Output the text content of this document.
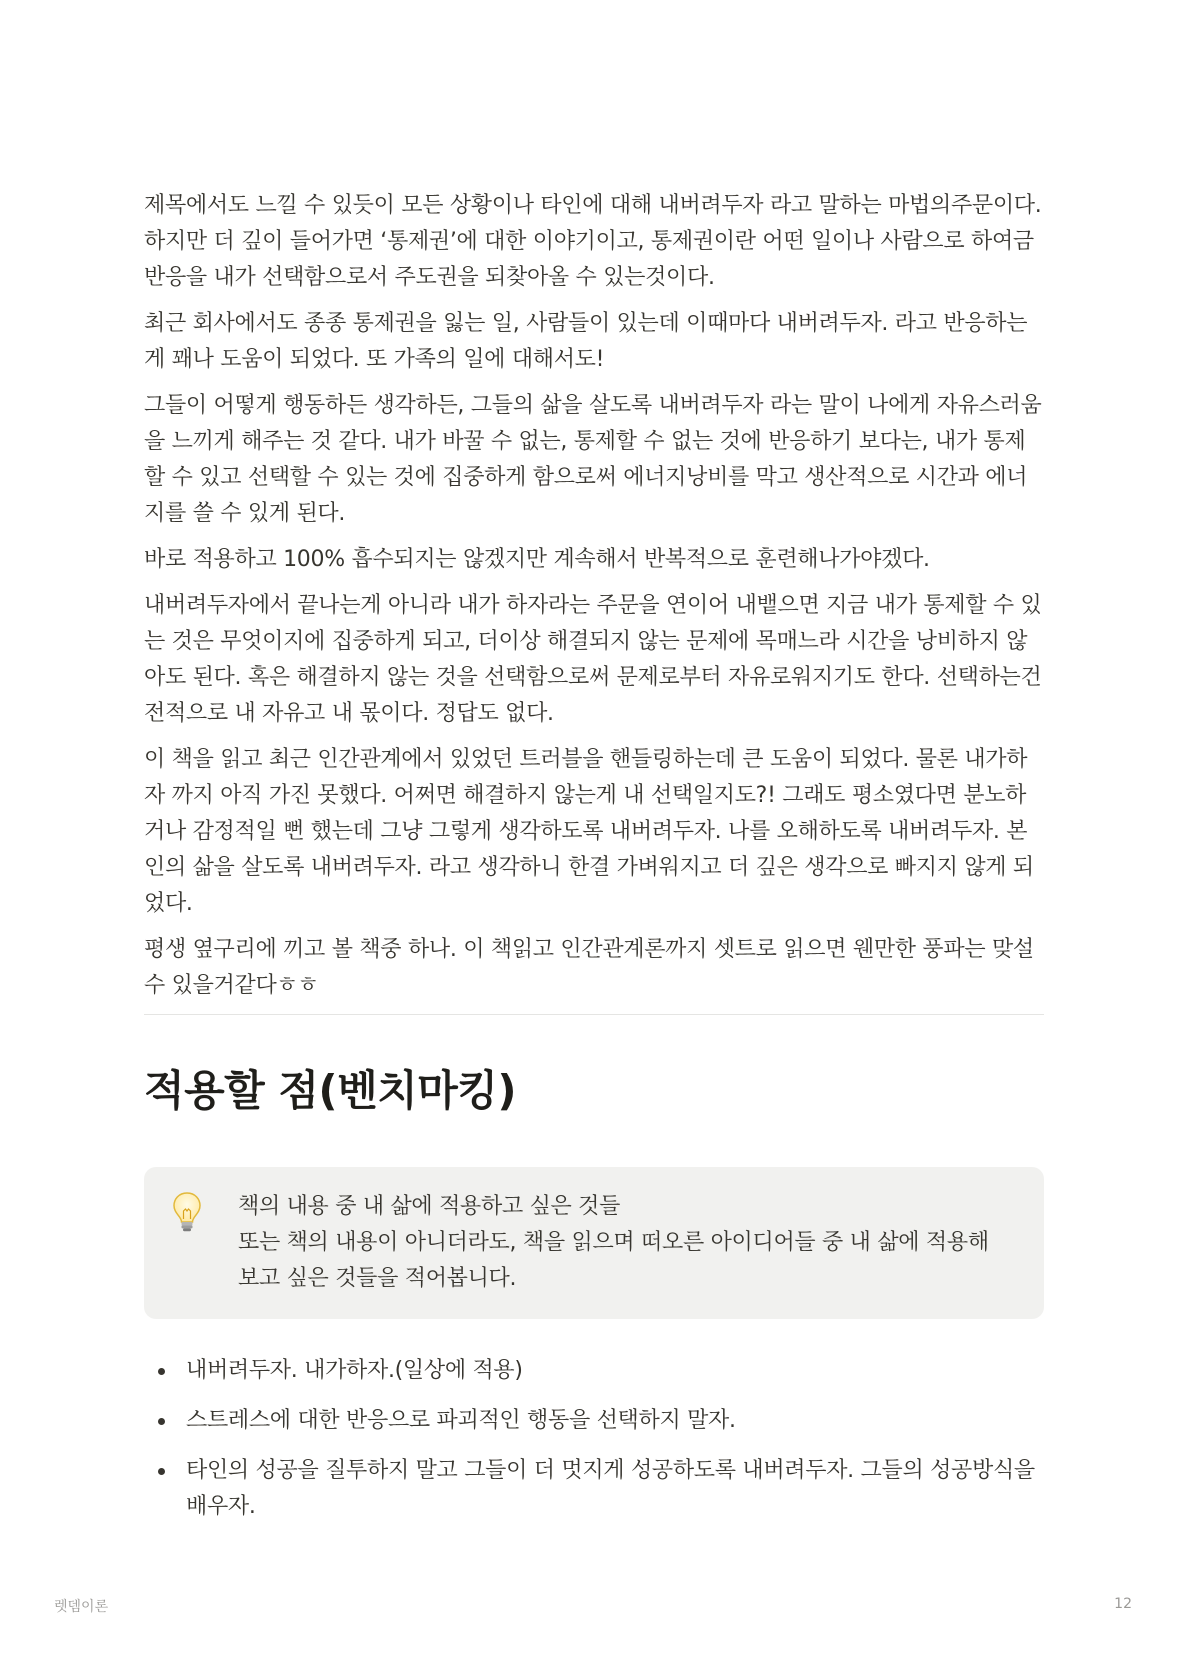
제목에서도 느낄 수 있듯이 모든 상황이나 타인에 대해 내버려두자 라고 말하는 마법의주문이다. 하지만 더 깊이 들어가면 ‘통제권’에 대한 이야기이고, 통제권이란 어떤 일이나 사람으로 하여금 반응을 내가 선택함으로서 주도권을 되찾아올 수 있는것이다.

최근 회사에서도 종종 통제권을 잃는 일, 사람들이 있는데 이때마다 내버려두자. 라고 반응하는게 꽤나 도움이 되었다. 또 가족의 일에 대해서도!

그들이 어떻게 행동하든 생각하든, 그들의 삶을 살도록 내버려두자 라는 말이 나에게 자유스러움을 느끼게 해주는 것 같다. 내가 바꿀 수 없는, 통제할 수 없는 것에 반응하기 보다는, 내가 통제할 수 있고 선택할 수 있는 것에 집중하게 함으로써 에너지낭비를 막고 생산적으로 시간과 에너지를 쓸 수 있게 된다.

바로 적용하고 100% 흡수되지는 않겠지만 계속해서 반복적으로 훈련해나가야겠다.

내버려두자에서 끝나는게 아니라 내가 하자라는 주문을 연이어 내뱉으면 지금 내가 통제할 수 있는 것은 무엇이지에 집중하게 되고, 더이상 해결되지 않는 문제에 목매느라 시간을 낭비하지 않아도 된다. 혹은 해결하지 않는 것을 선택함으로써 문제로부터 자유로워지기도 한다. 선택하는건 전적으로 내 자유고 내 몫이다. 정답도 없다.

이 책을 읽고 최근 인간관계에서 있었던 트러블을 핸들링하는데 큰 도움이 되었다. 물론 내가하자 까지 아직 가진 못했다. 어쩌면 해결하지 않는게 내 선택일지도?! 그래도 평소였다면 분노하거나 감정적일 뻔 했는데 그냥 그렇게 생각하도록 내버려두자. 나를 오해하도록 내버려두자. 본인의 삶을 살도록 내버려두자. 라고 생각하니 한결 가벼워지고 더 깊은 생각으로 빠지지 않게 되었다.

평생 옆구리에 끼고 볼 책중 하나. 이 책읽고 인간관계론까지 셋트로 읽으면 웬만한 풍파는 맞설수 있을거같다ㅎㅎ

적용할 점(벤치마킹)
책의 내용 중 내 삶에 적용하고 싶은 것들
또는 책의 내용이 아니더라도, 책을 읽으며 떠오른 아이디어들 중 내 삶에 적용해 보고 싶은 것들을 적어봅니다.
내버려두자. 내가하자.(일상에 적용)
스트레스에 대한 반응으로 파괴적인 행동을 선택하지 말자.
타인의 성공을 질투하지 말고 그들이 더 멋지게 성공하도록 내버려두자. 그들의 성공방식을 배우자.
렛뎀이론	12
